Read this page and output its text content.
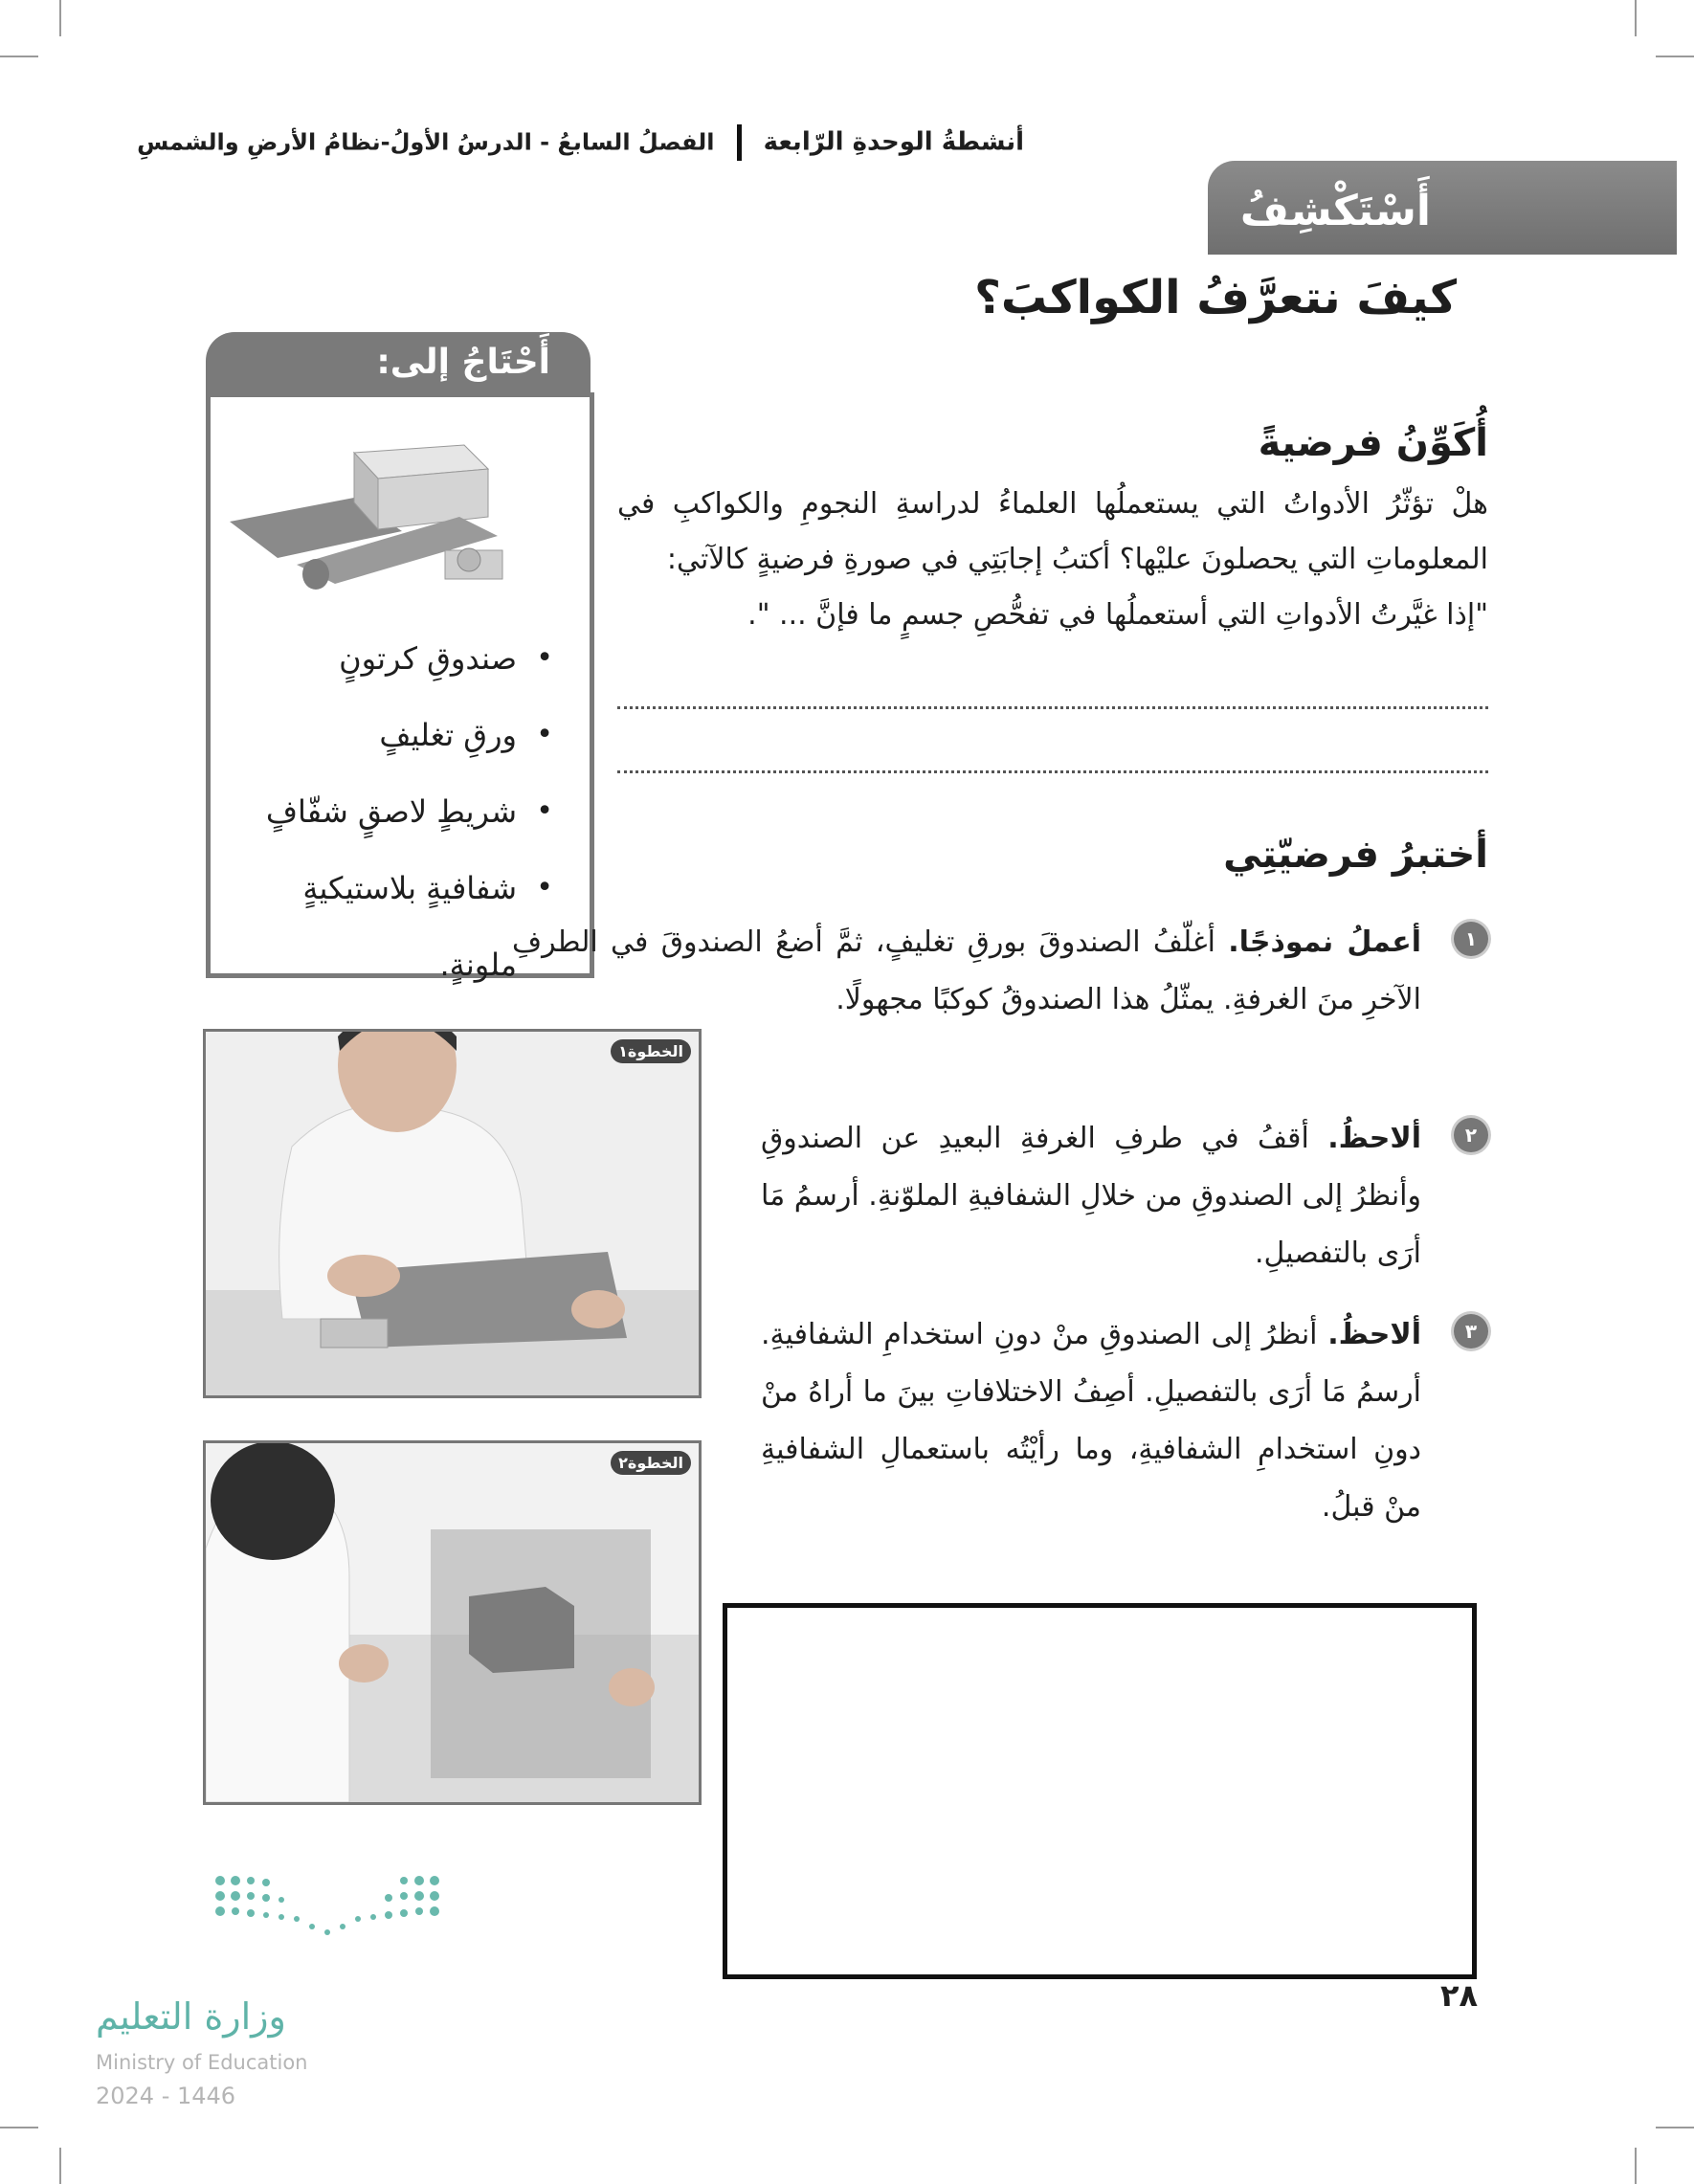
أنشطةُ الوحدةِ الرّابعة  الفصلُ السابعُ - الدرسُ الأولُ-نظامُ الأرضِ والشمسِ
أَسْتَكْشِفُ
كيفَ نتعرَّفُ الكواكبَ؟
أَحْتَاجُ إلى:
• صندوقِ كرتونٍ
• ورقِ تغليفٍ
• شريطٍ لاصقٍ شفّافٍ
• شفافيةٍ بلاستيكيةٍ ملونةٍ.
أُكَوِّنُ فرضيةً
هلْ تؤثّرُ الأدواتُ التي يستعملُها العلماءُ لدراسةِ النجومِ والكواكبِ في المعلوماتِ التي يحصلونَ عليْها؟ أكتبُ إجابَتِي في صورةِ فرضيةٍ كالآتي:
"إذا غيَّرتُ الأدواتِ التي أستعملُها في تفحُّصِ جسمٍ ما فإنَّ ... ".
أختبرُ فرضيّتِي
١
أعملُ نموذجًا. أغلّفُ الصندوقَ بورقِ تغليفٍ، ثمَّ أضعُ الصندوقَ في الطرفِ الآخرِ منَ الغرفةِ. يمثّلُ هذا الصندوقُ كوكبًا مجهولًا.
٢
ألاحظُ. أقفُ في طرفِ الغرفةِ البعيدِ عن الصندوقِ وأنظرُ إلى الصندوقِ من خلالِ الشفافيةِ الملوّنةِ. أرسمُ مَا أرَى بالتفصيلِ.
٣
ألاحظُ. أنظرُ إلى الصندوقِ منْ دونِ استخدامِ الشفافيةِ. أرسمُ مَا أرَى بالتفصيلِ. أصِفُ الاختلافاتِ بينَ ما أراهُ منْ دونِ استخدامِ الشفافيةِ، وما رأيْتُه باستعمالِ الشفافيةِ منْ قبلُ.
الخطوة١
الخطوة٢
٢٨
وزارة التعليم
Ministry of Education
2024 - 1446
